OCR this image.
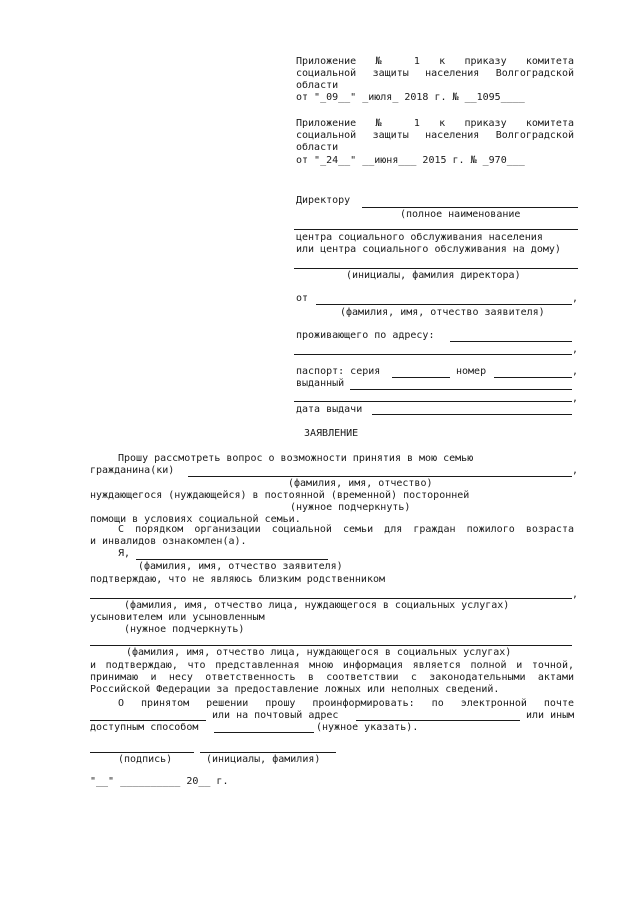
Приложение № 1 к приказу комитета
социальной защиты населения Волгоградской
области
от "_09__" _июля_ 2018 г. № __1095____
Приложение № 1 к приказу комитета
социальной защиты населения Волгоградской
области
от "_24__" __июня___ 2015 г. № _970___
Директору
(полное наименование
центра социального обслуживания населения
или центра социального обслуживания на дому)
(инициалы, фамилия директора)
от	,
(фамилия, имя, отчество заявителя)
проживающего по адресу:
,
паспорт: серия	номер	,
выданный
,
дата выдачи
ЗАЯВЛЕНИЕ
Прошу рассмотреть вопрос о возможности принятия в мою семью
гражданина(ки)	,
(фамилия, имя, отчество)
нуждающегося (нуждающейся) в постоянной (временной) посторонней
(нужное подчеркнуть)
помощи в условиях социальной семьи.
С порядком организации социальной семьи для граждан пожилого возраста
и инвалидов ознакомлен(а).
Я,
(фамилия, имя, отчество заявителя)
подтверждаю, что не являюсь близким родственником
,
(фамилия, имя, отчество лица, нуждающегося в социальных услугах)
усыновителем или усыновленным
(нужное подчеркнуть)
(фамилия, имя, отчество лица, нуждающегося в социальных услугах)
и подтверждаю, что представленная мною информация является полной и точной,
принимаю и несу ответственность в соответствии с законодательными актами
Российской Федерации за предоставление ложных или неполных сведений.
О принятом решении прошу проинформировать: по электронной почте
или на почтовый адрес	или иным
доступным способом	(нужное указать).
(подпись)	(инициалы, фамилия)
"__" __________ 20__ г.
